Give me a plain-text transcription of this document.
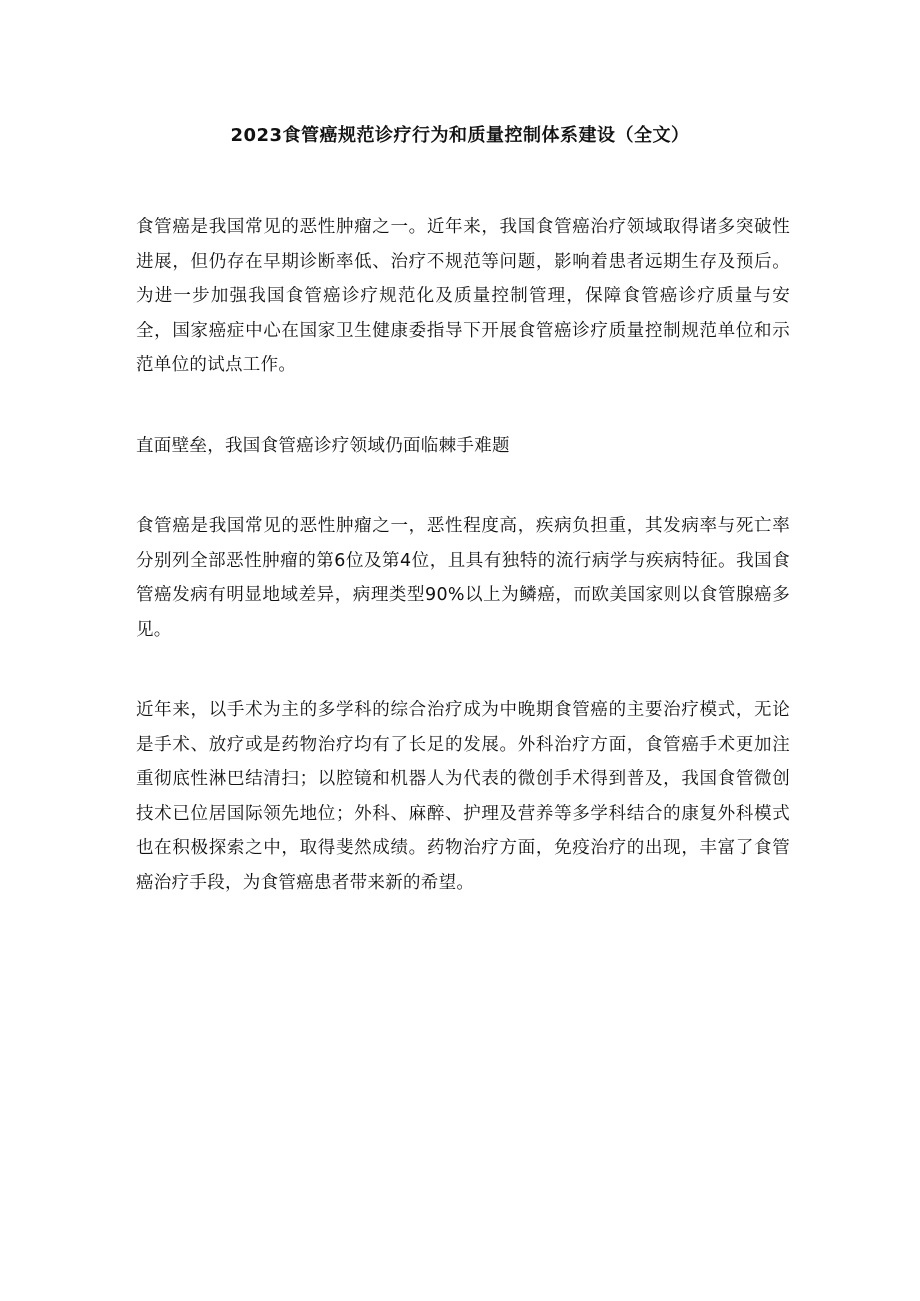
2023食管癌规范诊疗行为和质量控制体系建设（全文）

食管癌是我国常见的恶性肿瘤之一。近年来，我国食管癌治疗领域取得诸多突破性进展，但仍存在早期诊断率低、治疗不规范等问题，影响着患者远期生存及预后。为进一步加强我国食管癌诊疗规范化及质量控制管理，保障食管癌诊疗质量与安全，国家癌症中心在国家卫生健康委指导下开展食管癌诊疗质量控制规范单位和示范单位的试点工作。

直面壁垒，我国食管癌诊疗领域仍面临棘手难题

食管癌是我国常见的恶性肿瘤之一，恶性程度高，疾病负担重，其发病率与死亡率分别列全部恶性肿瘤的第6位及第4位，且具有独特的流行病学与疾病特征。我国食管癌发病有明显地域差异，病理类型90%以上为鳞癌，而欧美国家则以食管腺癌多见。

近年来，以手术为主的多学科的综合治疗成为中晚期食管癌的主要治疗模式，无论是手术、放疗或是药物治疗均有了长足的发展。外科治疗方面，食管癌手术更加注重彻底性淋巴结清扫；以腔镜和机器人为代表的微创手术得到普及，我国食管微创技术已位居国际领先地位；外科、麻醉、护理及营养等多学科结合的康复外科模式也在积极探索之中，取得斐然成绩。药物治疗方面，免疫治疗的出现，丰富了食管癌治疗手段，为食管癌患者带来新的希望。
